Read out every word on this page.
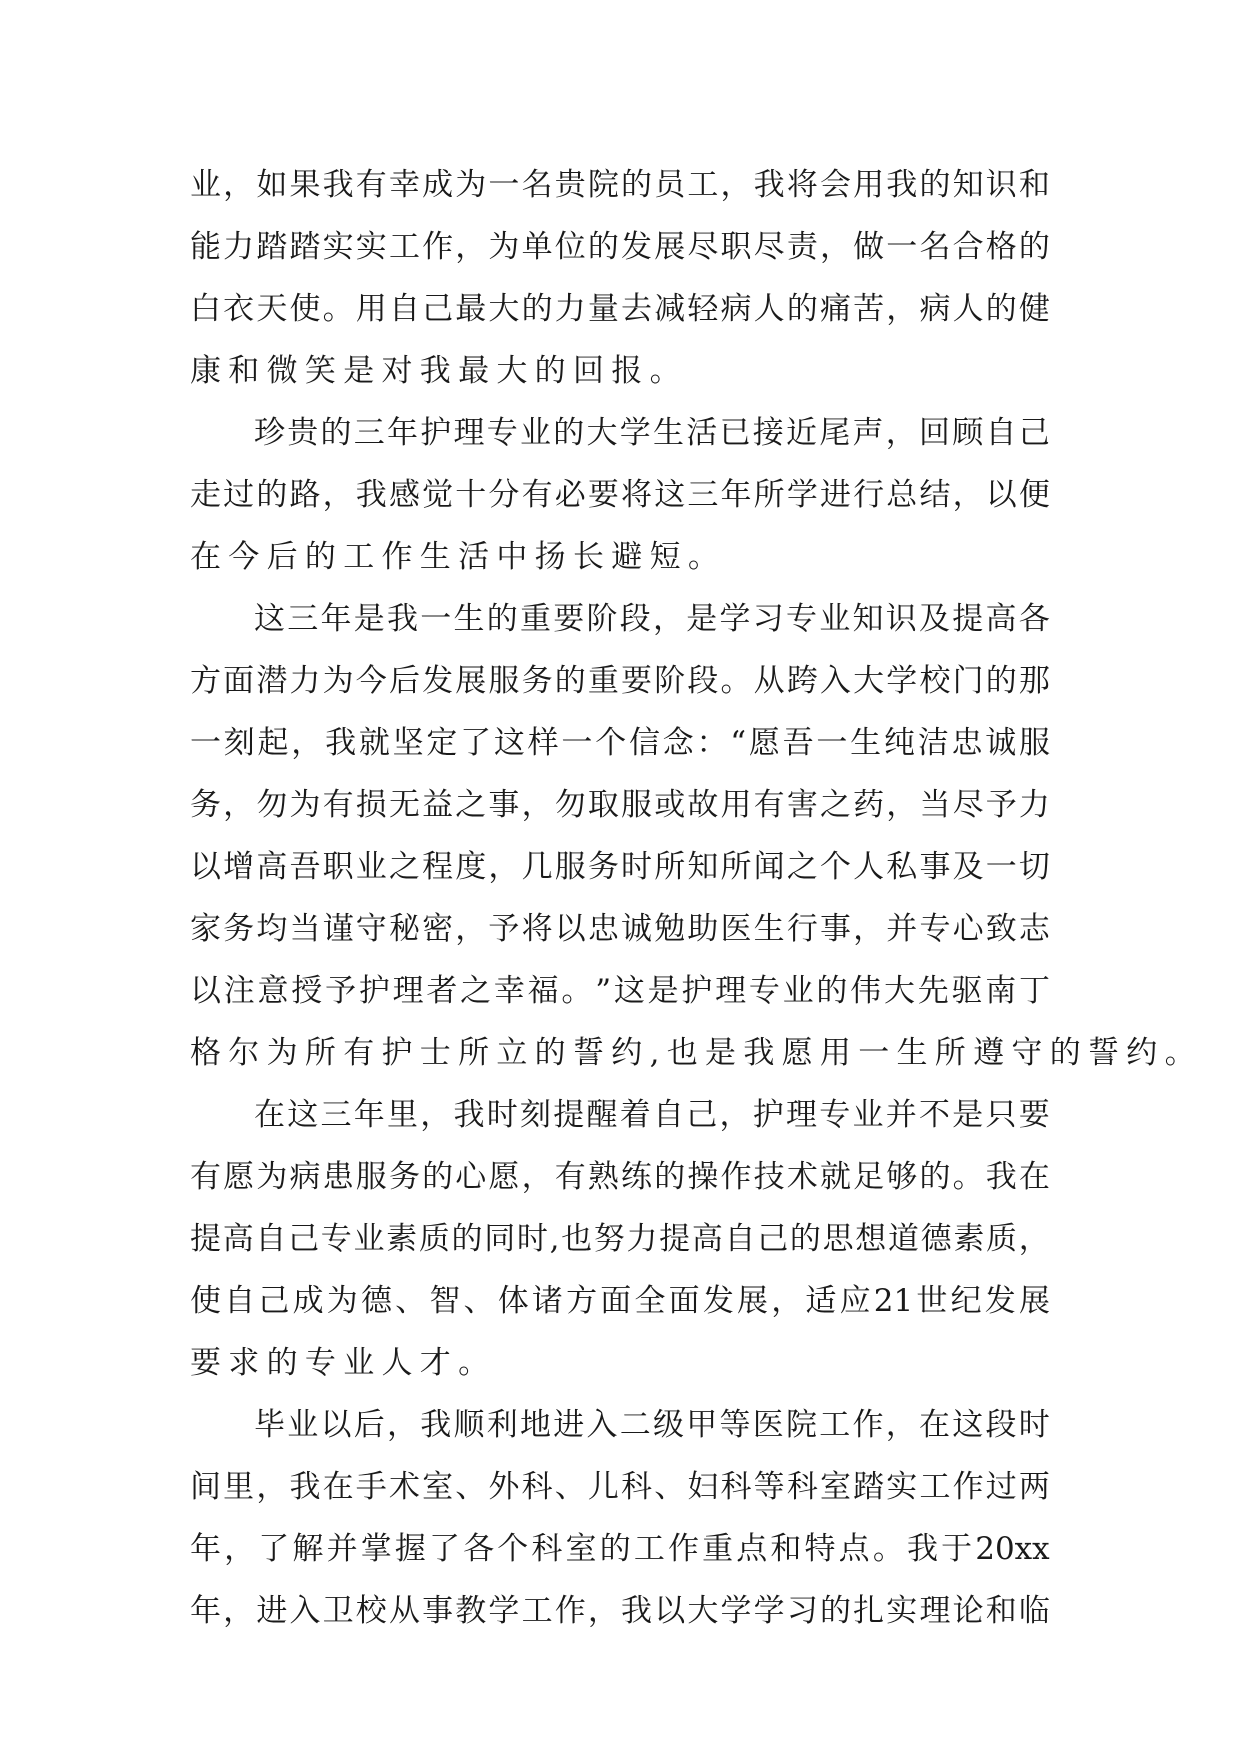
业 ， 如 果 我 有 幸 成 为 一 名 贵 院 的 员 工 ， 我 将 会 用 我 的 知 识 和
能 力 踏 踏 实 实 工 作 ， 为 单 位 的 发 展 尽 职 尽 责 ， 做 一 名 合 格 的
白 衣 天 使 。 用 自 己 最 大 的 力 量 去 减 轻 病 人 的 痛 苦 ， 病 人 的 健
康 和 微 笑 是 对 我 最 大 的 回 报 。
珍 贵 的 三 年 护 理 专 业 的 大 学 生 活 已 接 近 尾 声 ， 回 顾 自 己
走 过 的 路 ， 我 感 觉 十 分 有 必 要 将 这 三 年 所 学 进 行 总 结 ， 以 便
在 今 后 的 工 作 生 活 中 扬 长 避 短 。
这 三 年 是 我 一 生 的 重 要 阶 段 ， 是 学 习 专 业 知 识 及 提 高 各
方 面 潜 力 为 今 后 发 展 服 务 的 重 要 阶 段 。 从 跨 入 大 学 校 门 的 那
一 刻 起 ， 我 就 坚 定 了 这 样 一 个 信 念 ： “ 愿 吾 一 生 纯 洁 忠 诚 服
务 ， 勿 为 有 损 无 益 之 事 ， 勿 取 服 或 故 用 有 害 之 药 ， 当 尽 予 力
以 增 高 吾 职 业 之 程 度 ， 几 服 务 时 所 知 所 闻 之 个 人 私 事 及 一 切
家 务 均 当 谨 守 秘 密 ， 予 将 以 忠 诚 勉 助 医 生 行 事 ， 并 专 心 致 志
以 注 意 授 予 护 理 者 之 幸 福 。 ” 这 是 护 理 专 业 的 伟 大 先 驱 南 丁
格 尔 为 所 有 护 士 所 立 的 誓 约 , 也 是 我 愿 用 一 生 所 遵 守 的 誓 约 。
在 这 三 年 里 ， 我 时 刻 提 醒 着 自 己 ， 护 理 专 业 并 不 是 只 要
有 愿 为 病 患 服 务 的 心 愿 ， 有 熟 练 的 操 作 技 术 就 足 够 的 。 我 在
提 高 自 己 专 业 素 质 的 同 时 , 也 努 力 提 高 自 己 的 思 想 道 德 素 质 ，
使 自 己 成 为 德 、 智 、 体 诸 方 面 全 面 发 展 ， 适 应 21 世 纪 发 展
要 求 的 专 业 人 才 。
毕 业 以 后 ， 我 顺 利 地 进 入 二 级 甲 等 医 院 工 作 ， 在 这 段 时
间 里 ， 我 在 手 术 室 、 外 科 、 儿 科 、 妇 科 等 科 室 踏 实 工 作 过 两
年 ， 了 解 并 掌 握 了 各 个 科 室 的 工 作 重 点 和 特 点 。 我 于 20xx
年 ， 进 入 卫 校 从 事 教 学 工 作 ， 我 以 大 学 学 习 的 扎 实 理 论 和 临
